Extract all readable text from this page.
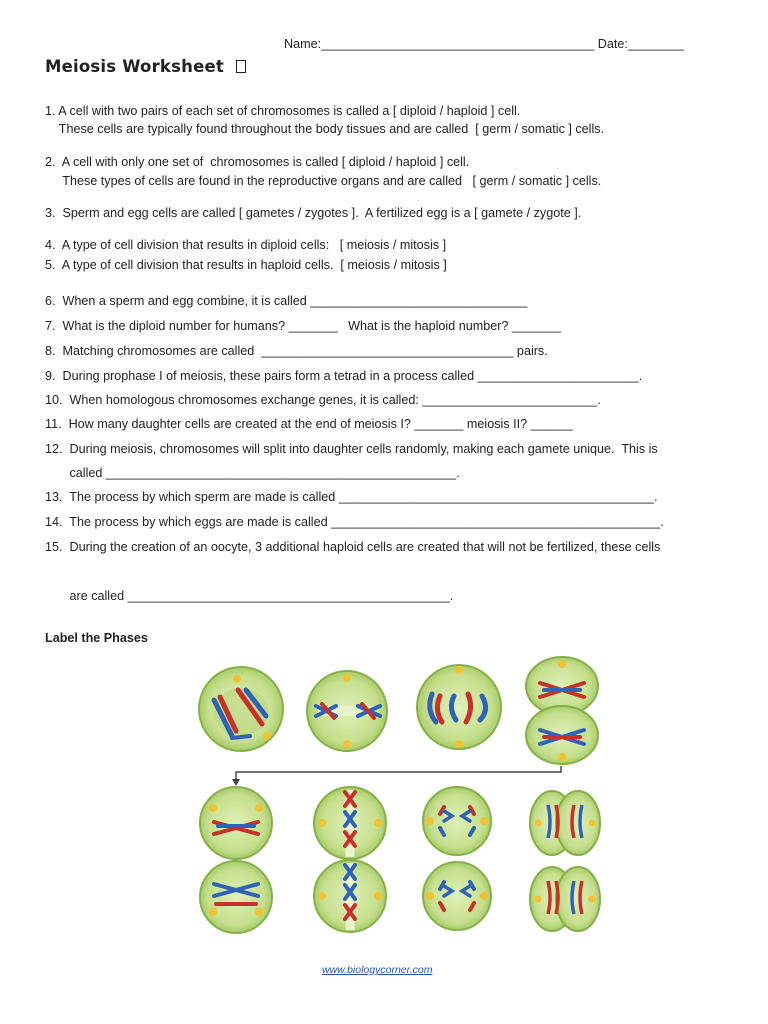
Name:_______________________________________ Date:________
Meiosis Worksheet
1. A cell with two pairs of each set of chromosomes is called a [ diploid / haploid ] cell.
These cells are typically found throughout the body tissues and are called  [ germ / somatic ] cells.
2.  A cell with only one set of  chromosomes is called [ diploid / haploid ] cell.
These types of cells are found in the reproductive organs and are called   [ germ / somatic ] cells.
3.  Sperm and egg cells are called [ gametes / zygotes ].  A fertilized egg is a [ gamete / zygote ].
4.  A type of cell division that results in diploid cells:   [ meiosis / mitosis ]
5.  A type of cell division that results in haploid cells.  [ meiosis / mitosis ]
6.  When a sperm and egg combine, it is called _______________________________
7.  What is the diploid number for humans? _______   What is the haploid number? _______
8.  Matching chromosomes are called  ____________________________________ pairs.
9.  During prophase I of meiosis, these pairs form a tetrad in a process called _______________________.
10.  When homologous chromosomes exchange genes, it is called: _________________________.
11.  How many daughter cells are created at the end of meiosis I? _______ meiosis II? ______
12.  During meiosis, chromosomes will split into daughter cells randomly, making each gamete unique.  This is
called __________________________________________________.
13.  The process by which sperm are made is called _____________________________________________.
14.  The process by which eggs are made is called _______________________________________________.
15.  During the creation of an oocyte, 3 additional haploid cells are created that will not be fertilized, these cells
are called ______________________________________________.
Label the Phases
www.biologycorner.com
